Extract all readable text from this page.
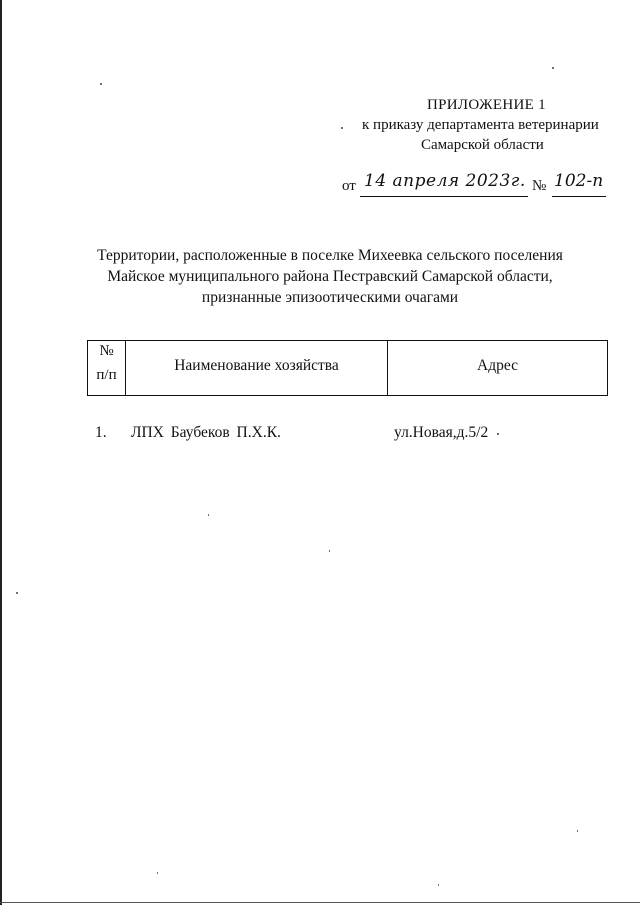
ПРИЛОЖЕНИЕ 1
к приказу департамента ветеринарии
Самарской области
от 14 апреля 2023г. № 102-п
Территории, расположенные в поселке Михеевка сельского поселения
Майское муниципального района Пестравский Самарской области,
признанные эпизоотическими очагами
№
п/п
Наименование хозяйства	Адрес
1. ЛПХ Баубеков П.Х.К.	ул.Новая,д.5/2
